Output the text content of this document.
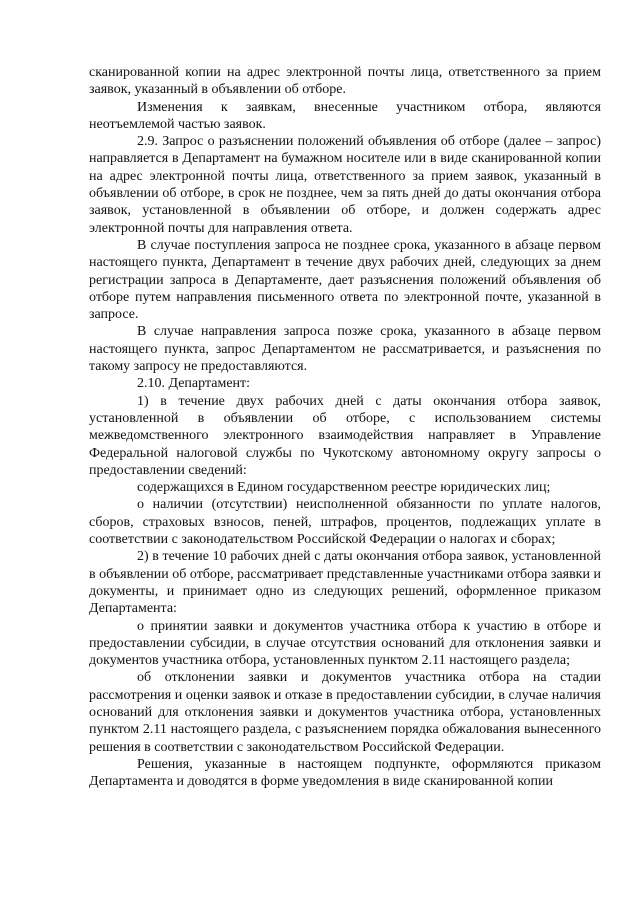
сканированной копии на адрес электронной почты лица, ответственного за прием заявок, указанный в объявлении об отборе.

Изменения к заявкам, внесенные участником отбора, являются неотъемлемой частью заявок.

2.9. Запрос о разъяснении положений объявления об отборе (далее – запрос) направляется в Департамент на бумажном носителе или в виде сканированной копии на адрес электронной почты лица, ответственного за прием заявок, указанный в объявлении об отборе, в срок не позднее, чем за пять дней до даты окончания отбора заявок, установленной в объявлении об отборе, и должен содержать адрес электронной почты для направления ответа.

В случае поступления запроса не позднее срока, указанного в абзаце первом настоящего пункта, Департамент в течение двух рабочих дней, следующих за днем регистрации запроса в Департаменте, дает разъяснения положений объявления об отборе путем направления письменного ответа по электронной почте, указанной в запросе.

В случае направления запроса позже срока, указанного в абзаце первом настоящего пункта, запрос Департаментом не рассматривается, и разъяснения по такому запросу не предоставляются.

2.10. Департамент:

1) в течение двух рабочих дней с даты окончания отбора заявок, установленной в объявлении об отборе, с использованием системы межведомственного электронного взаимодействия направляет в Управление Федеральной налоговой службы по Чукотскому автономному округу запросы о предоставлении сведений:

содержащихся в Едином государственном реестре юридических лиц;

о наличии (отсутствии) неисполненной обязанности по уплате налогов, сборов, страховых взносов, пеней, штрафов, процентов, подлежащих уплате в соответствии с законодательством Российской Федерации о налогах и сборах;

2) в течение 10 рабочих дней с даты окончания отбора заявок, установленной в объявлении об отборе, рассматривает представленные участниками отбора заявки и документы, и принимает одно из следующих решений, оформленное приказом Департамента:

о принятии заявки и документов участника отбора к участию в отборе и предоставлении субсидии, в случае отсутствия оснований для отклонения заявки и документов участника отбора, установленных пунктом 2.11 настоящего раздела;

об отклонении заявки и документов участника отбора на стадии рассмотрения и оценки заявок и отказе в предоставлении субсидии, в случае наличия оснований для отклонения заявки и документов участника отбора, установленных пунктом 2.11 настоящего раздела, с разъяснением порядка обжалования вынесенного решения в соответствии с законодательством Российской Федерации.

Решения, указанные в настоящем подпункте, оформляются приказом Департамента и доводятся в форме уведомления в виде сканированной копии
